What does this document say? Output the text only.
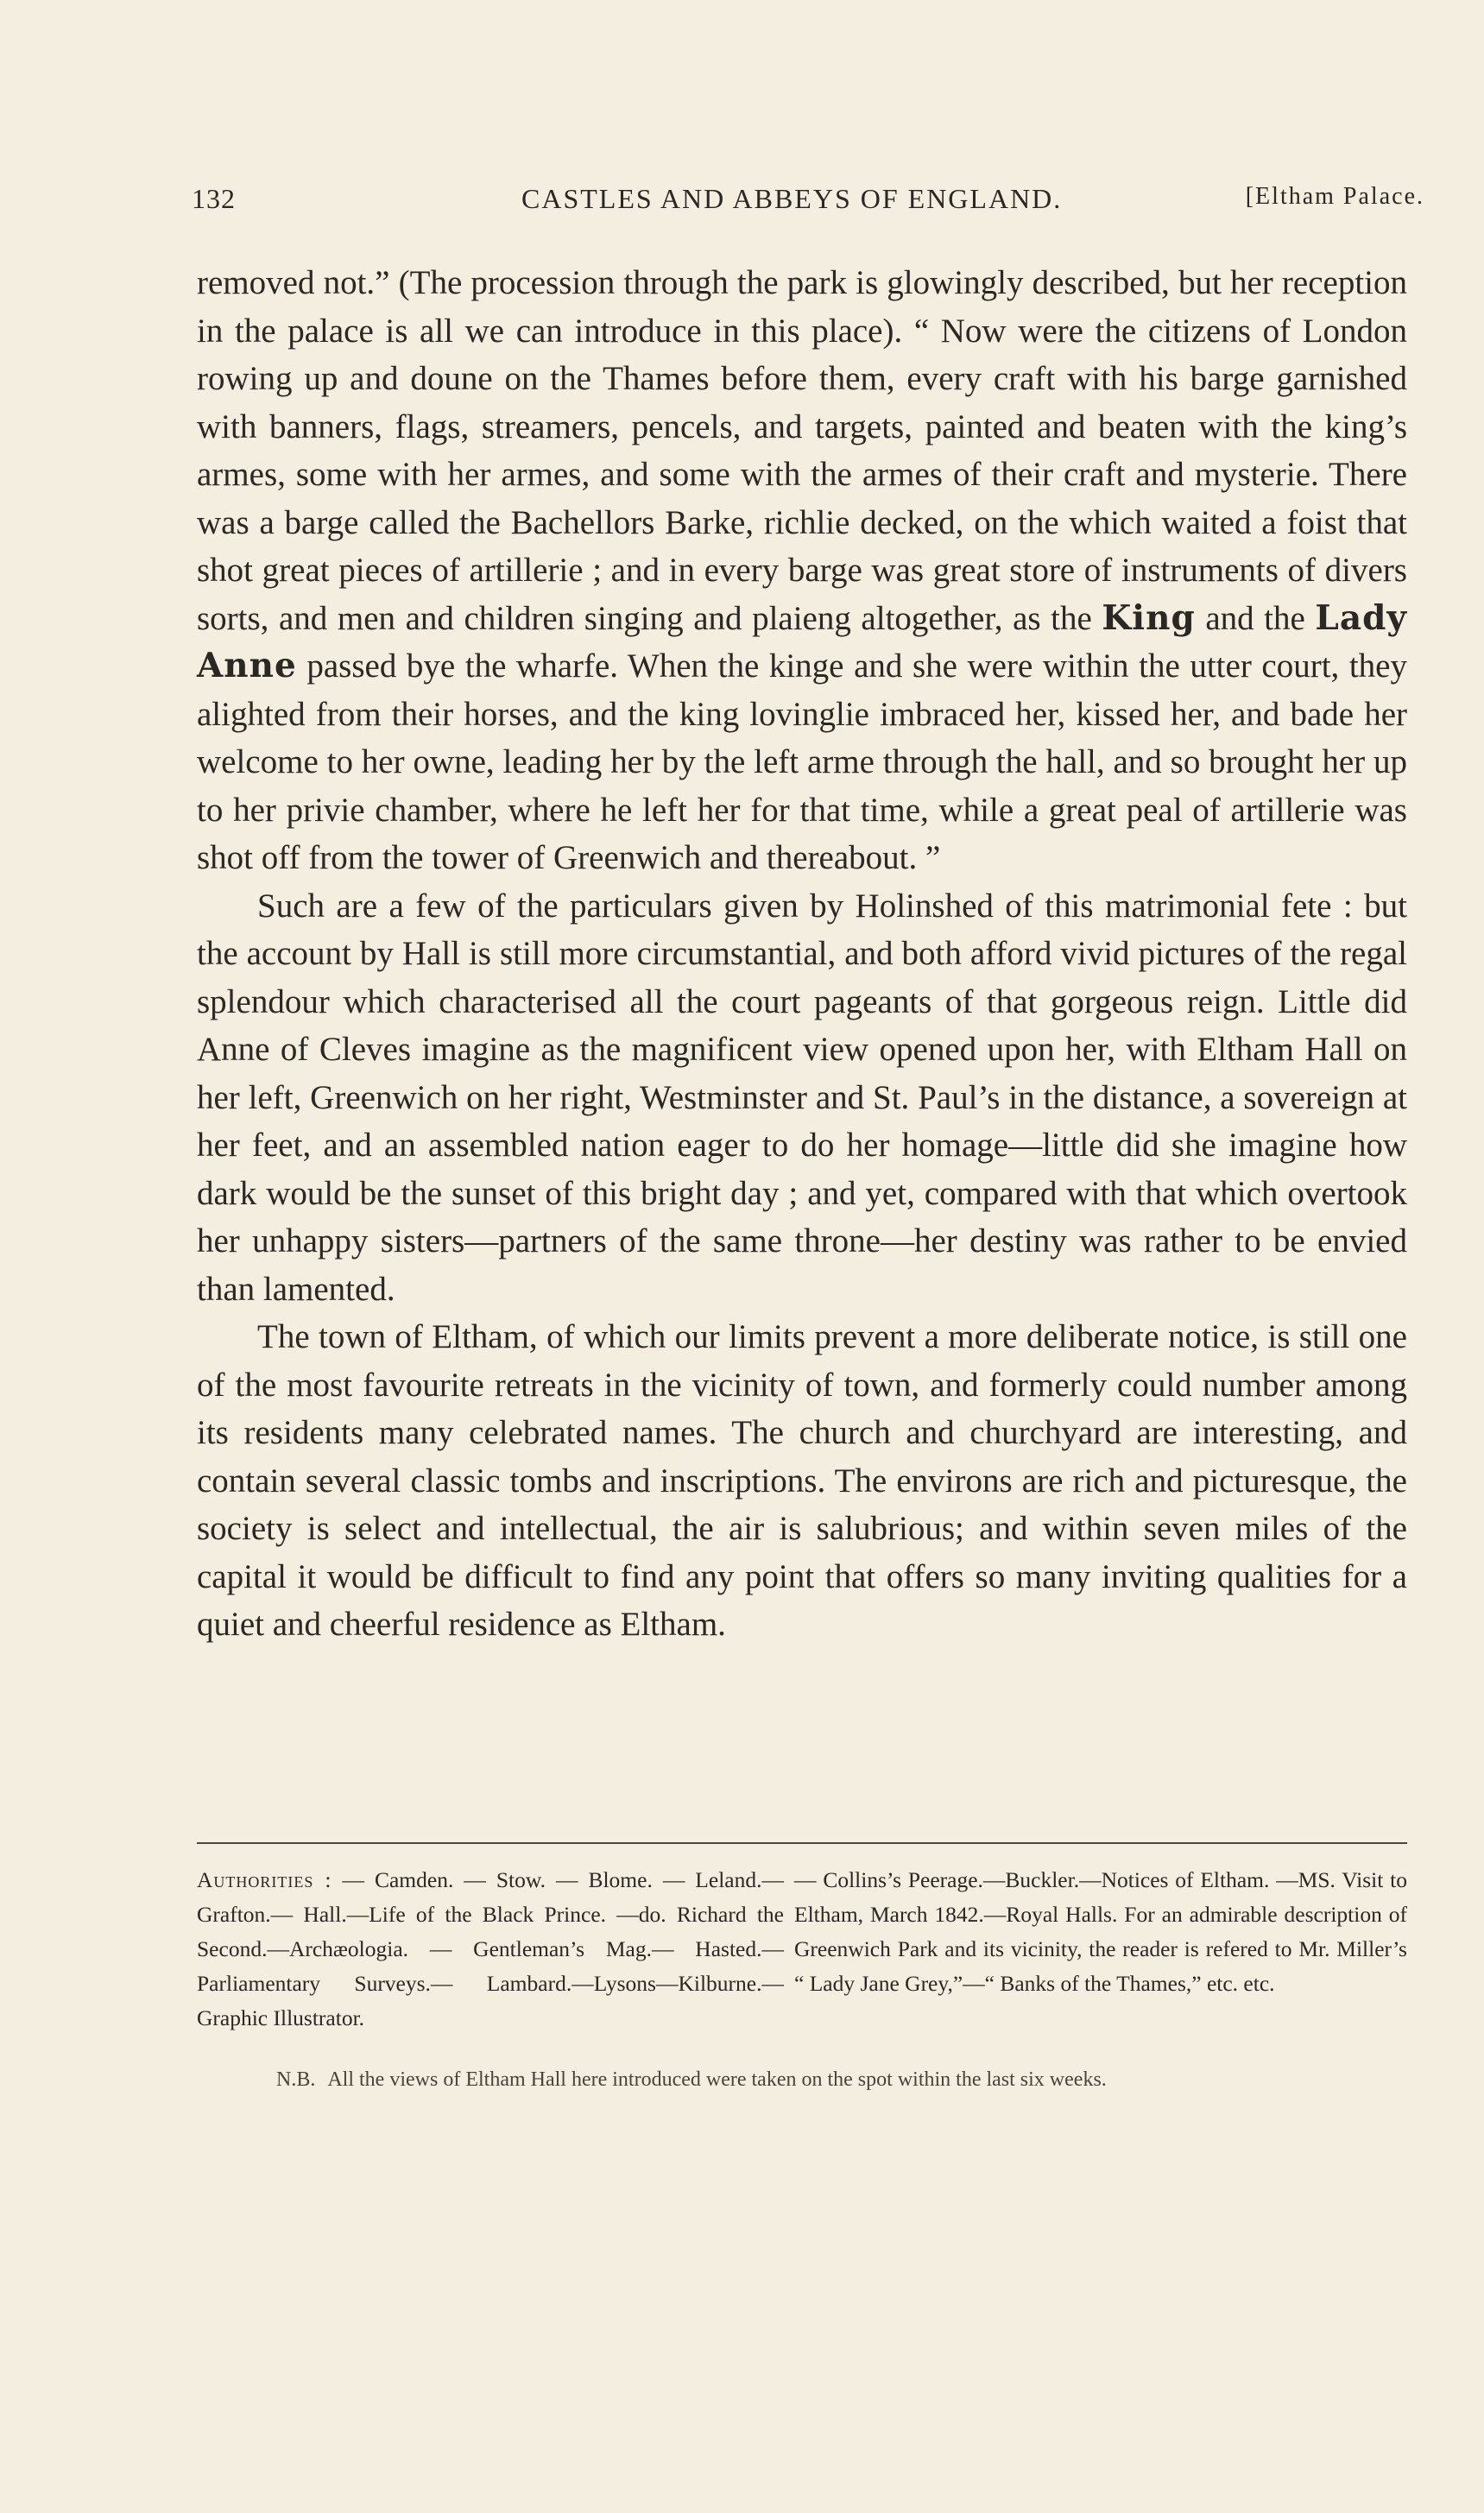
132	CASTLES AND ABBEYS OF ENGLAND.	[Eltham Palace.

removed not.” (The procession through the park is glowingly described, but her reception in the palace is all we can introduce in this place). “ Now were the citizens of London rowing up and doune on the Thames before them, every craft with his barge garnished with banners, flags, streamers, pencels, and targets, painted and beaten with the king’s armes, some with her armes, and some with the armes of their craft and mysterie. There was a barge called the Bachellors Barke, richlie decked, on the which waited a foist that shot great pieces of artillerie ; and in every barge was great store of instruments of divers sorts, and men and children singing and plaieng altogether, as the King and the Lady Anne passed bye the wharfe. When the kinge and she were within the utter court, they alighted from their horses, and the king lovinglie imbraced her, kissed her, and bade her welcome to her owne, leading her by the left arme through the hall, and so brought her up to her privie chamber, where he left her for that time, while a great peal of artillerie was shot off from the tower of Greenwich and thereabout. ”

Such are a few of the particulars given by Holinshed of this matrimonial fete : but the account by Hall is still more circumstantial, and both afford vivid pictures of the regal splendour which characterised all the court pageants of that gorgeous reign. Little did Anne of Cleves imagine as the magnificent view opened upon her, with Eltham Hall on her left, Greenwich on her right, Westminster and St. Paul’s in the distance, a sovereign at her feet, and an assembled nation eager to do her homage—little did she imagine how dark would be the sunset of this bright day ; and yet, compared with that which overtook her unhappy sisters—partners of the same throne—her destiny was rather to be envied than lamented.

The town of Eltham, of which our limits prevent a more deliberate notice, is still one of the most favourite retreats in the vicinity of town, and formerly could number among its residents many celebrated names. The church and churchyard are interesting, and contain several classic tombs and inscriptions. The environs are rich and picturesque, the society is select and intellectual, the air is salubrious; and within seven miles of the capital it would be difficult to find any point that offers so many inviting qualities for a quiet and cheerful residence as Eltham.

Authorities : — Camden. — Stow. — Blome. — Leland.—Grafton.— Hall.—Life of the Black Prince. —do. Richard the Second.—Archæologia. — Gentleman’s Mag.— Hasted.— Parliamentary Surveys.— Lambard.—Lysons—Kilburne.—Graphic Illustrator.

— Collins’s Peerage.—Buckler.—Notices of Eltham. —MS. Visit to Eltham, March 1842.—Royal Halls. For an admirable description of Greenwich Park and its vicinity, the reader is refered to Mr. Miller’s “ Lady Jane Grey,”—“ Banks of the Thames,” etc. etc.

N.B. All the views of Eltham Hall here introduced were taken on the spot within the last six weeks.
